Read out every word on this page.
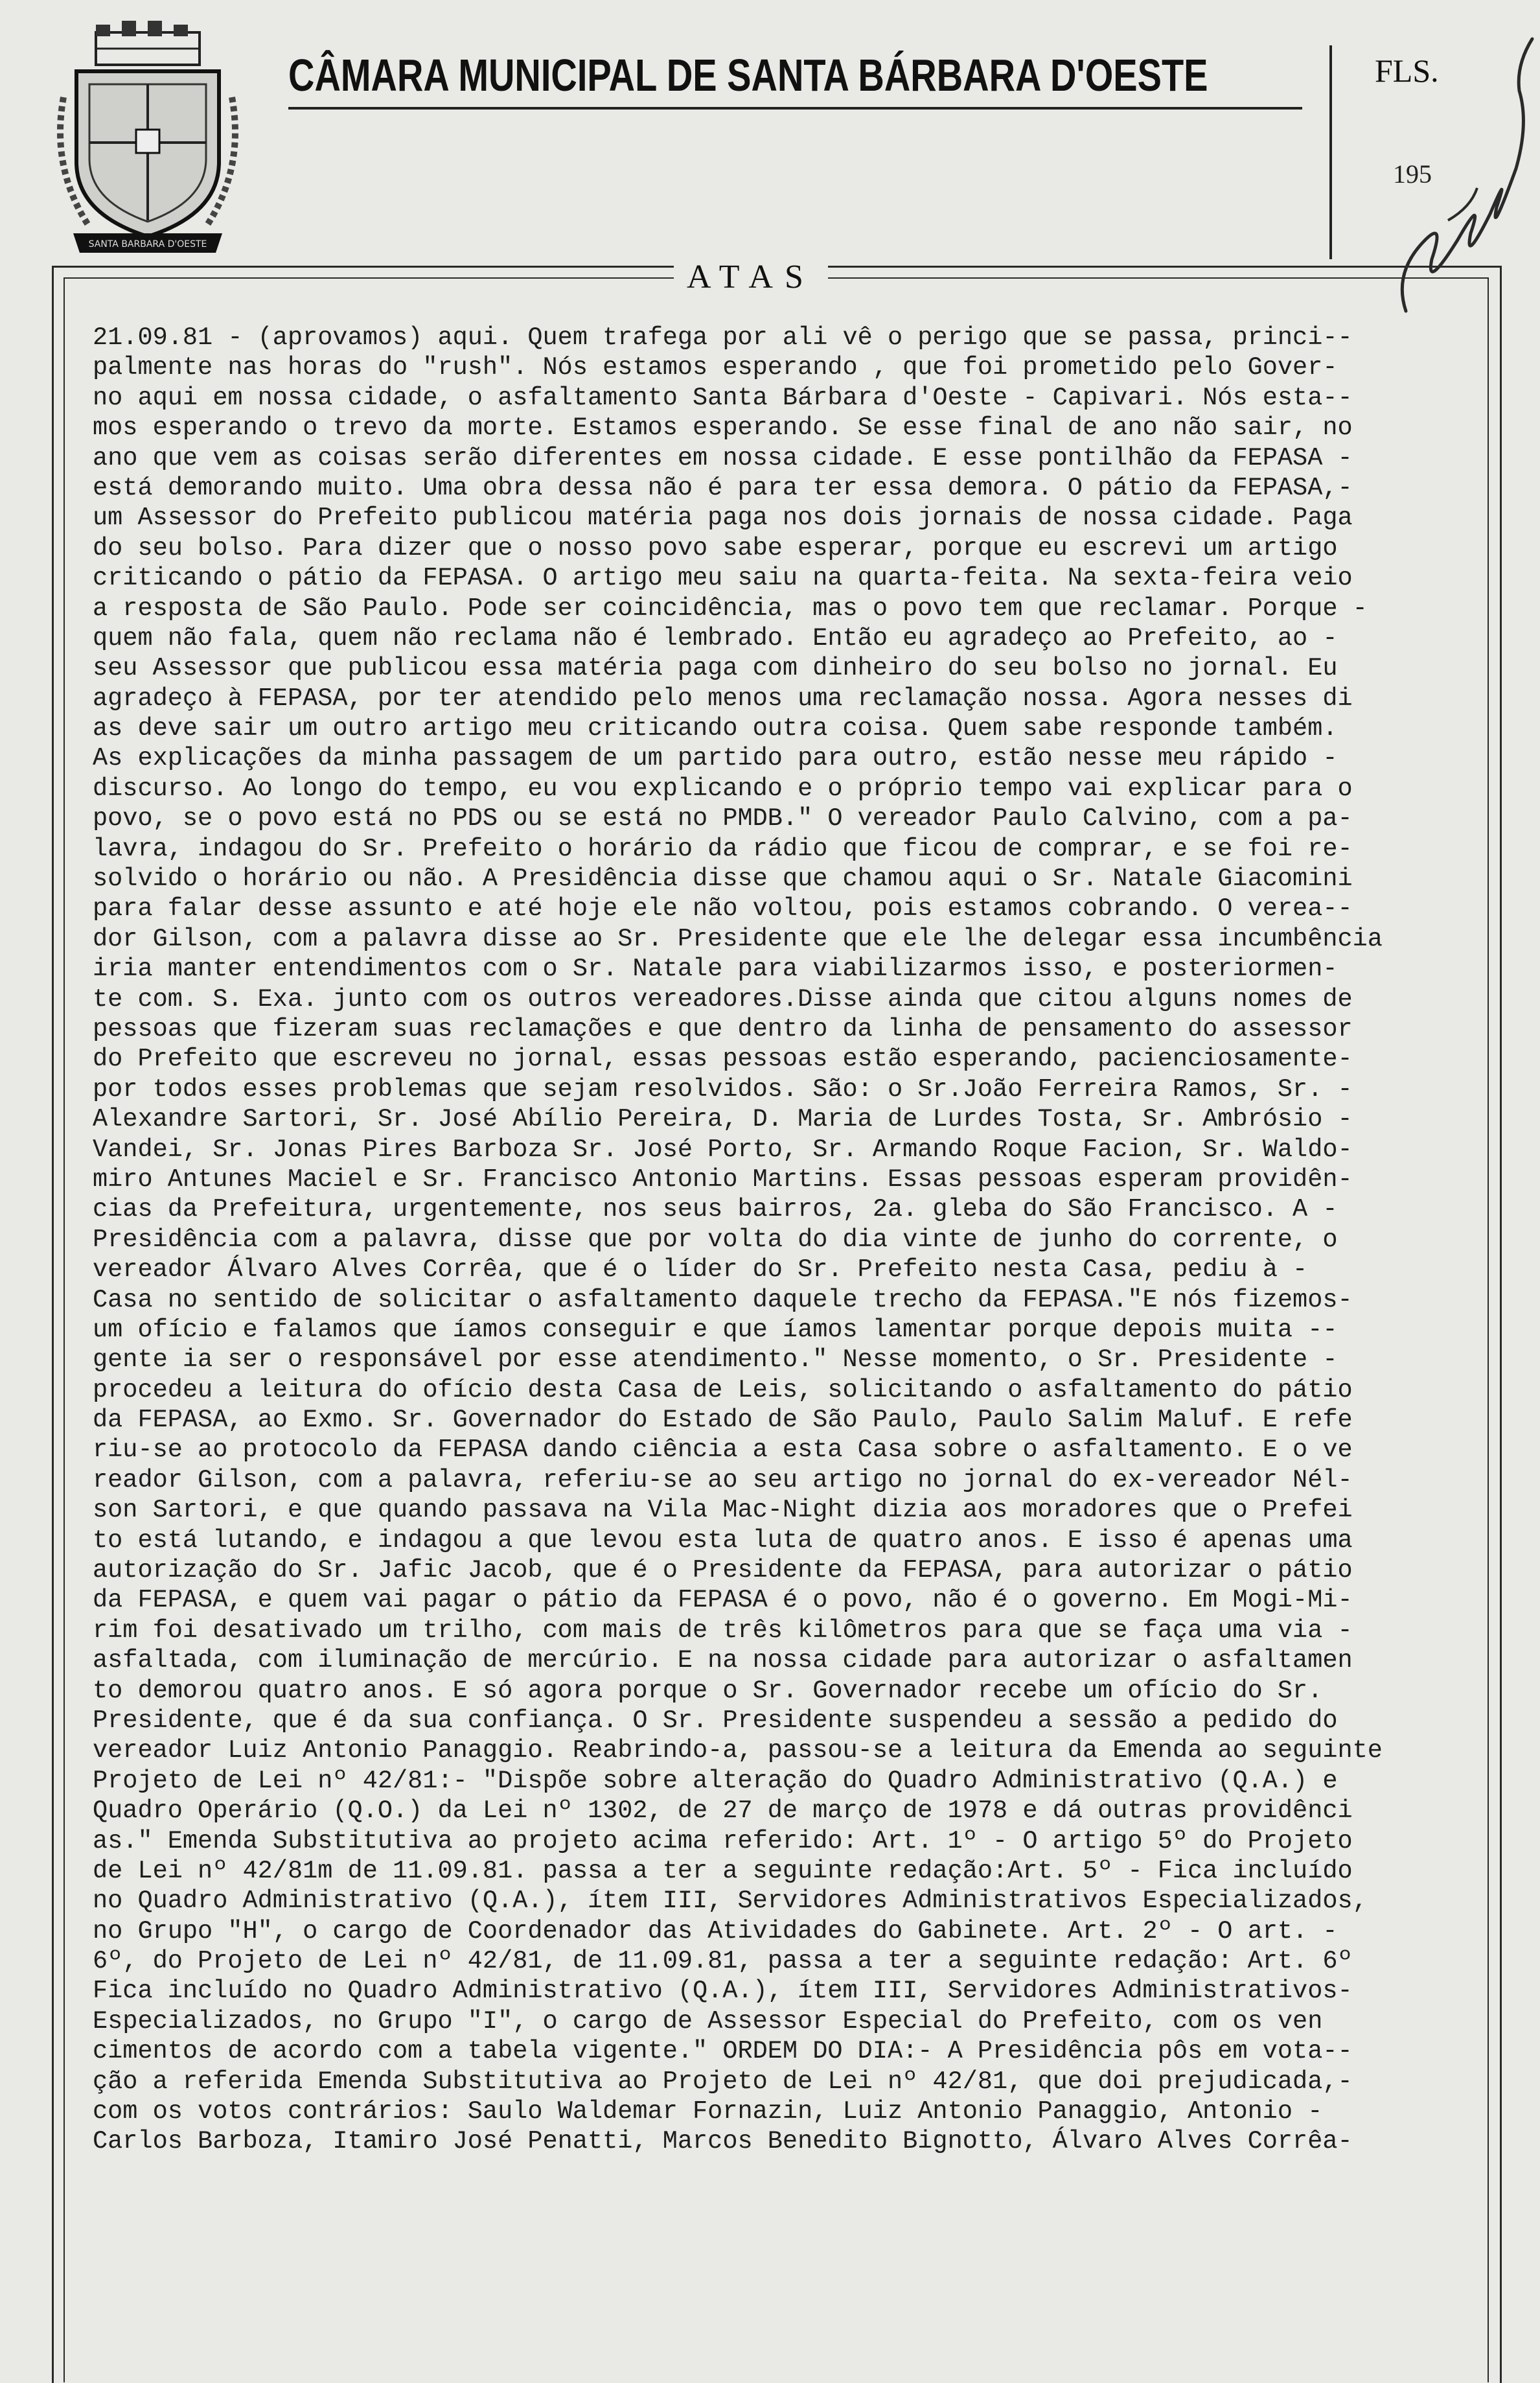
SANTA BARBARA D'OESTE
CÂMARA MUNICIPAL DE SANTA BÁRBARA D'OESTE	FLS.
195
ATAS
21.09.81 - (aprovamos) aqui. Quem trafega por ali vê o perigo que se passa, princi--
palmente nas horas do "rush". Nós estamos esperando , que foi prometido pelo Gover-
no aqui em nossa cidade, o asfaltamento Santa Bárbara d'Oeste - Capivari. Nós esta--
mos esperando o trevo da morte. Estamos esperando. Se esse final de ano não sair, no
ano que vem as coisas serão diferentes em nossa cidade. E esse pontilhão da FEPASA -
está demorando muito. Uma obra dessa não é para ter essa demora. O pátio da FEPASA,-
um Assessor do Prefeito publicou matéria paga nos dois jornais de nossa cidade. Paga
do seu bolso. Para dizer que o nosso povo sabe esperar, porque eu escrevi um artigo
criticando o pátio da FEPASA. O artigo meu saiu na quarta-feita. Na sexta-feira veio
a resposta de São Paulo. Pode ser coincidência, mas o povo tem que reclamar. Porque -
quem não fala, quem não reclama não é lembrado. Então eu agradeço ao Prefeito, ao -
seu Assessor que publicou essa matéria paga com dinheiro do seu bolso no jornal. Eu
agradeço à FEPASA, por ter atendido pelo menos uma reclamação nossa. Agora nesses di
as deve sair um outro artigo meu criticando outra coisa. Quem sabe responde também.
As explicações da minha passagem de um partido para outro, estão nesse meu rápido -
discurso. Ao longo do tempo, eu vou explicando e o próprio tempo vai explicar para o
povo, se o povo está no PDS ou se está no PMDB." O vereador Paulo Calvino, com a pa-
lavra, indagou do Sr. Prefeito o horário da rádio que ficou de comprar, e se foi re-
solvido o horário ou não. A Presidência disse que chamou aqui o Sr. Natale Giacomini
para falar desse assunto e até hoje ele não voltou, pois estamos cobrando. O verea--
dor Gilson, com a palavra disse ao Sr. Presidente que ele lhe delegar essa incumbência
iria manter entendimentos com o Sr. Natale para viabilizarmos isso, e posteriormen-
te com. S. Exa. junto com os outros vereadores.Disse ainda que citou alguns nomes de
pessoas que fizeram suas reclamações e que dentro da linha de pensamento do assessor
do Prefeito que escreveu no jornal, essas pessoas estão esperando, pacienciosamente-
por todos esses problemas que sejam resolvidos. São: o Sr.João Ferreira Ramos, Sr. -
Alexandre Sartori, Sr. José Abílio Pereira, D. Maria de Lurdes Tosta, Sr. Ambrósio -
Vandei, Sr. Jonas Pires Barboza Sr. José Porto, Sr. Armando Roque Facion, Sr. Waldo-
miro Antunes Maciel e Sr. Francisco Antonio Martins. Essas pessoas esperam providên-
cias da Prefeitura, urgentemente, nos seus bairros, 2a. gleba do São Francisco. A -
Presidência com a palavra, disse que por volta do dia vinte de junho do corrente, o
vereador Álvaro Alves Corrêa, que é o líder do Sr. Prefeito nesta Casa, pediu à -
Casa no sentido de solicitar o asfaltamento daquele trecho da FEPASA."E nós fizemos-
um ofício e falamos que íamos conseguir e que íamos lamentar porque depois muita --
gente ia ser o responsável por esse atendimento." Nesse momento, o Sr. Presidente -
procedeu a leitura do ofício desta Casa de Leis, solicitando o asfaltamento do pátio
da FEPASA, ao Exmo. Sr. Governador do Estado de São Paulo, Paulo Salim Maluf. E refe
riu-se ao protocolo da FEPASA dando ciência a esta Casa sobre o asfaltamento. E o ve
reador Gilson, com a palavra, referiu-se ao seu artigo no jornal do ex-vereador Nél-
son Sartori, e que quando passava na Vila Mac-Night dizia aos moradores que o Prefei
to está lutando, e indagou a que levou esta luta de quatro anos. E isso é apenas uma
autorização do Sr. Jafic Jacob, que é o Presidente da FEPASA, para autorizar o pátio
da FEPASA, e quem vai pagar o pátio da FEPASA é o povo, não é o governo. Em Mogi-Mi-
rim foi desativado um trilho, com mais de três kilômetros para que se faça uma via -
asfaltada, com iluminação de mercúrio. E na nossa cidade para autorizar o asfaltamen
to demorou quatro anos. E só agora porque o Sr. Governador recebe um ofício do Sr.
Presidente, que é da sua confiança. O Sr. Presidente suspendeu a sessão a pedido do
vereador Luiz Antonio Panaggio. Reabrindo-a, passou-se a leitura da Emenda ao seguinte
Projeto de Lei nº 42/81:- "Dispõe sobre alteração do Quadro Administrativo (Q.A.) e
Quadro Operário (Q.O.) da Lei nº 1302, de 27 de março de 1978 e dá outras providênci
as." Emenda Substitutiva ao projeto acima referido: Art. 1º - O artigo 5º do Projeto
de Lei nº 42/81m de 11.09.81. passa a ter a seguinte redação:Art. 5º - Fica incluído
no Quadro Administrativo (Q.A.), ítem III, Servidores Administrativos Especializados,
no Grupo "H", o cargo de Coordenador das Atividades do Gabinete. Art. 2º - O art. -
6º, do Projeto de Lei nº 42/81, de 11.09.81, passa a ter a seguinte redação: Art. 6º
Fica incluído no Quadro Administrativo (Q.A.), ítem III, Servidores Administrativos-
Especializados, no Grupo "I", o cargo de Assessor Especial do Prefeito, com os ven
cimentos de acordo com a tabela vigente." ORDEM DO DIA:- A Presidência pôs em vota--
ção a referida Emenda Substitutiva ao Projeto de Lei nº 42/81, que doi prejudicada,-
com os votos contrários: Saulo Waldemar Fornazin, Luiz Antonio Panaggio, Antonio -
Carlos Barboza, Itamiro José Penatti, Marcos Benedito Bignotto, Álvaro Alves Corrêa-
